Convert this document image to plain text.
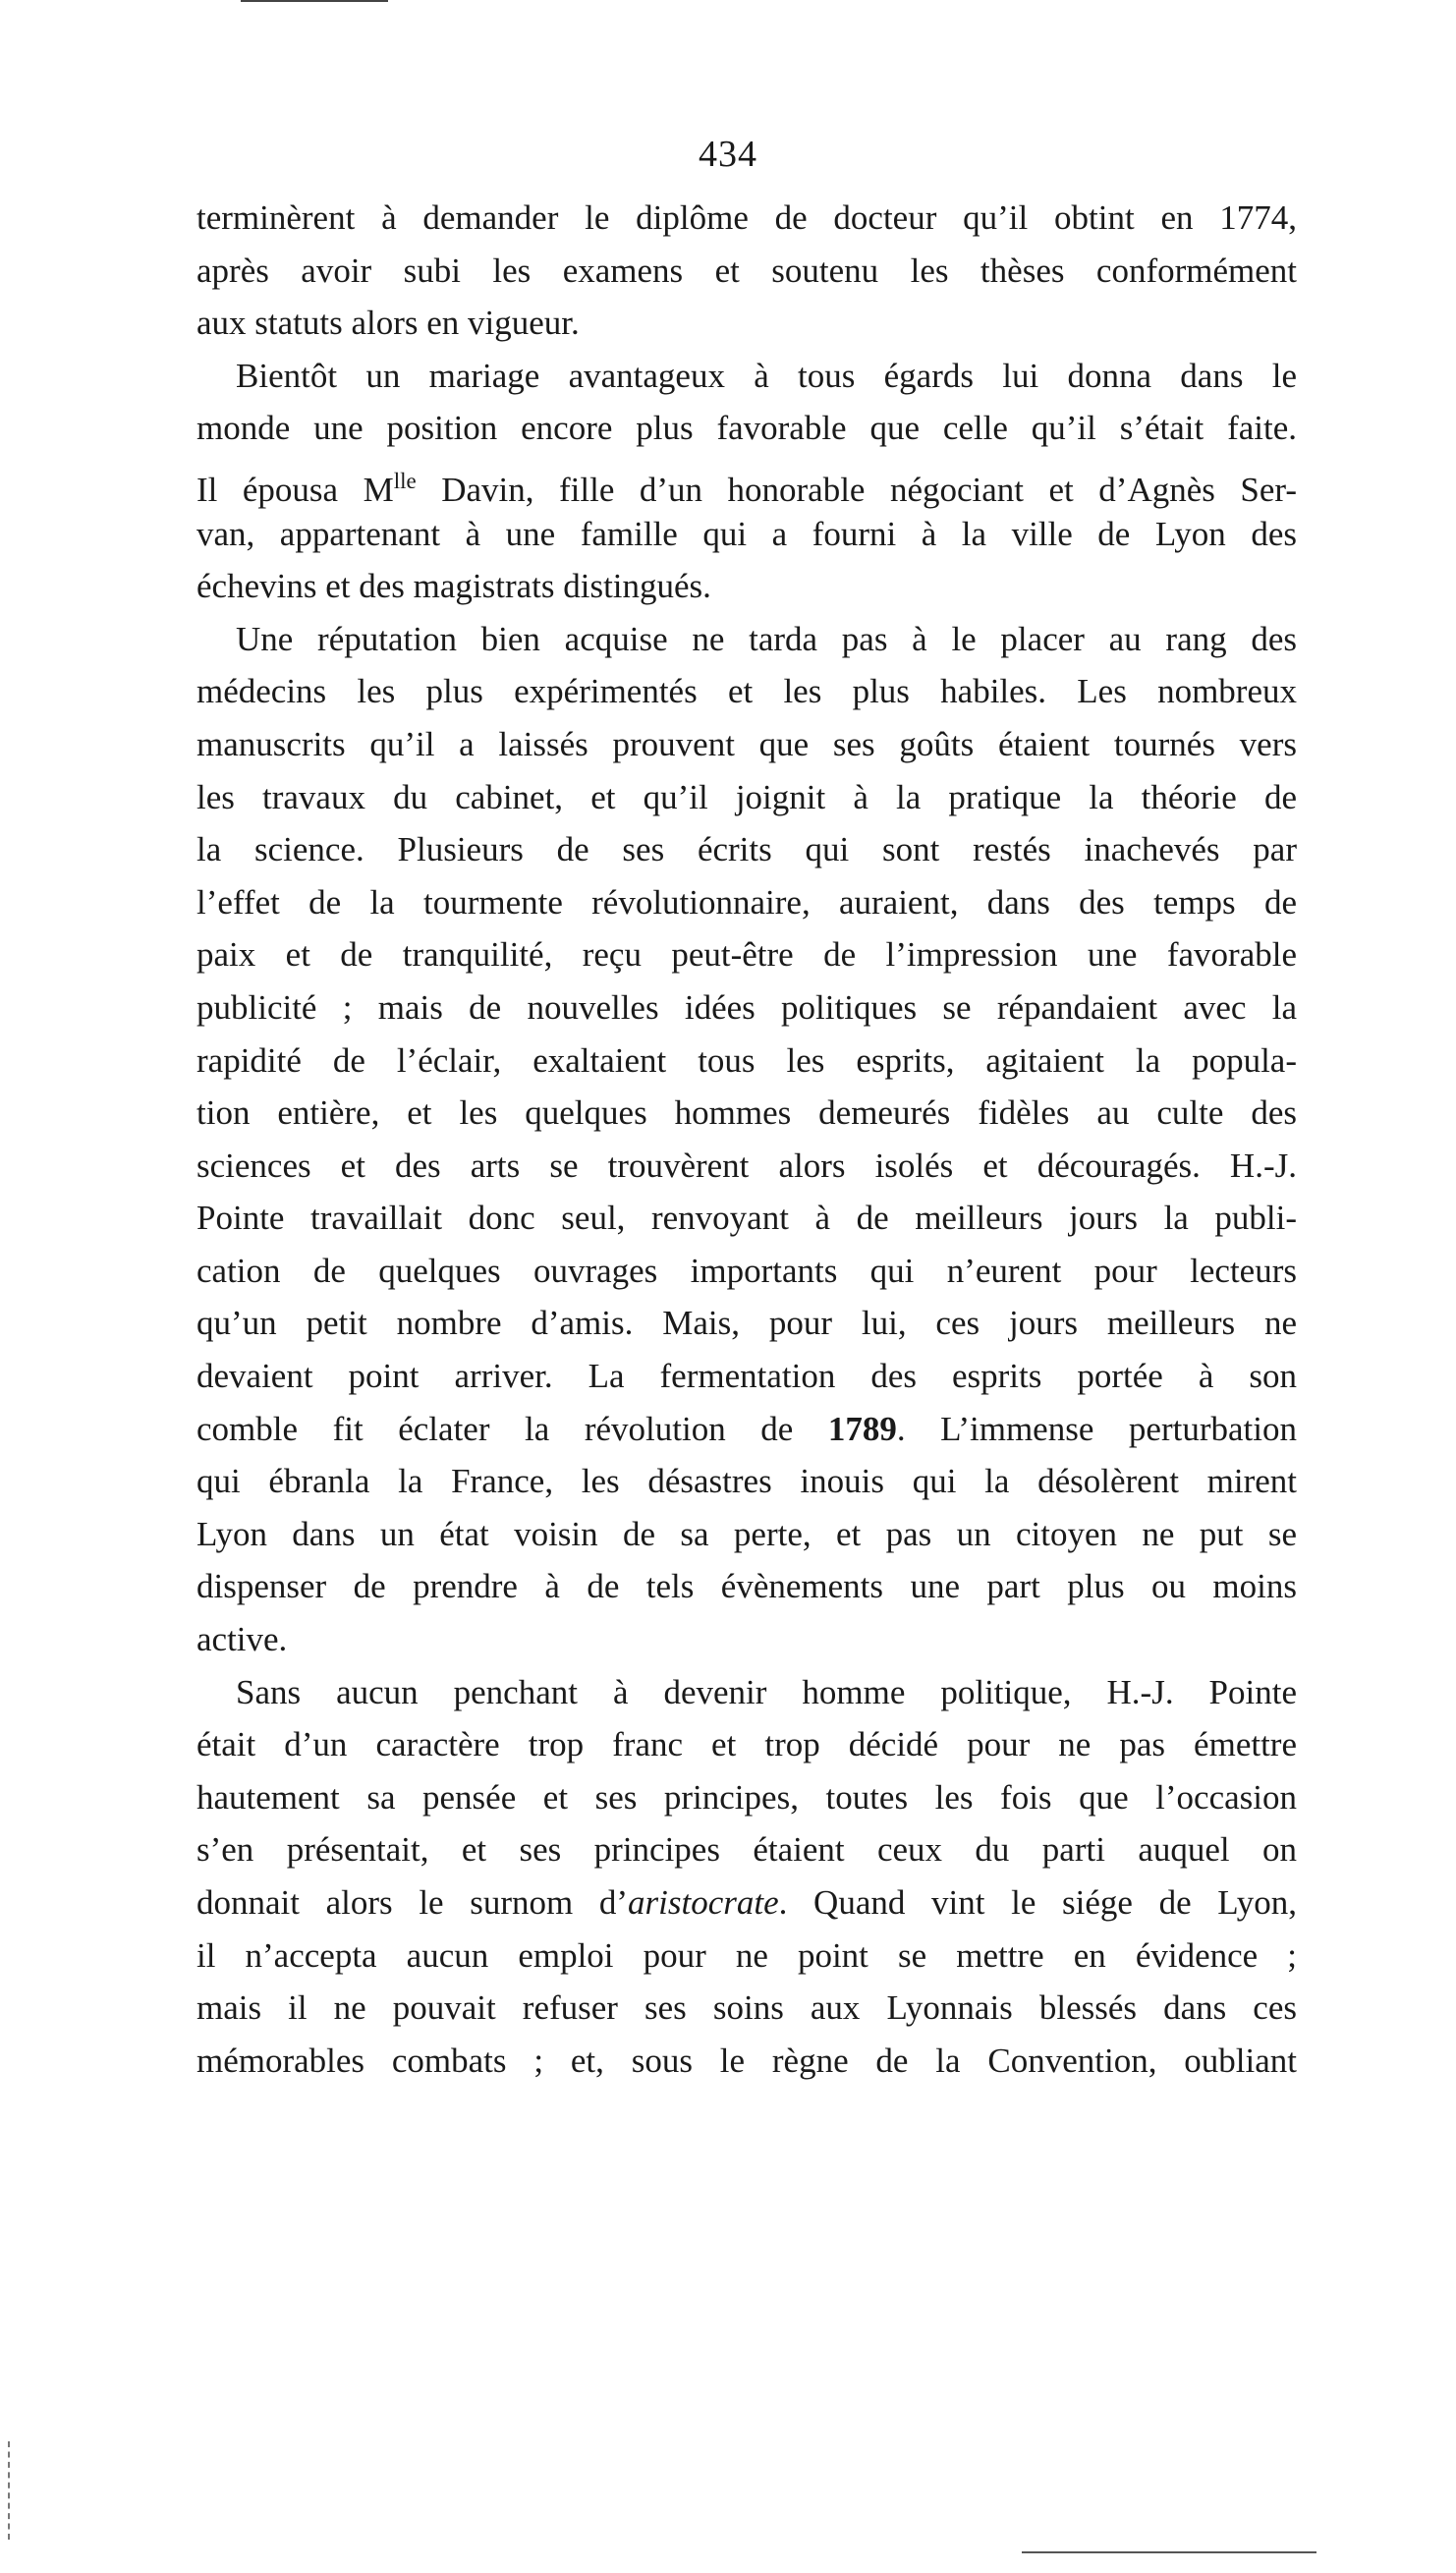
434
terminèrent à demander le diplôme de docteur qu’il obtint en 1774,
après avoir subi les examens et soutenu les thèses conformément
aux statuts alors en vigueur.
Bientôt un mariage avantageux à tous égards lui donna dans le
monde une position encore plus favorable que celle qu’il s’était faite.
Il épousa $M^{lle}$ Davin, fille d’un honorable négociant et d’Agnès Ser-
van, appartenant à une famille qui a fourni à la ville de Lyon des
échevins et des magistrats distingués.
Une réputation bien acquise ne tarda pas à le placer au rang des
médecins les plus expérimentés et les plus habiles. Les nombreux
manuscrits qu’il a laissés prouvent que ses goûts étaient tournés vers
les travaux du cabinet, et qu’il joignit à la pratique la théorie de
la science. Plusieurs de ses écrits qui sont restés inachevés par
l’effet de la tourmente révolutionnaire, auraient, dans des temps de
paix et de tranquilité, reçu peut-être de l’impression une favorable
publicité ; mais de nouvelles idées politiques se répandaient avec la
rapidité de l’éclair, exaltaient tous les esprits, agitaient la popula-
tion entière, et les quelques hommes demeurés fidèles au culte des
sciences et des arts se trouvèrent alors isolés et découragés. H.-J.
Pointe travaillait donc seul, renvoyant à de meilleurs jours la publi-
cation de quelques ouvrages importants qui n’eurent pour lecteurs
qu’un petit nombre d’amis. Mais, pour lui, ces jours meilleurs ne
devaient point arriver. La fermentation des esprits portée à son
comble fit éclater la révolution de 1789. L’immense perturbation
qui ébranla la France, les désastres inouis qui la désolèrent mirent
Lyon dans un état voisin de sa perte, et pas un citoyen ne put se
dispenser de prendre à de tels évènements une part plus ou moins
active.
Sans aucun penchant à devenir homme politique, H.-J. Pointe
était d’un caractère trop franc et trop décidé pour ne pas émettre
hautement sa pensée et ses principes, toutes les fois que l’occasion
s’en présentait, et ses principes étaient ceux du parti auquel on
donnait alors le surnom d’aristocrate. Quand vint le siége de Lyon,
il n’accepta aucun emploi pour ne point se mettre en évidence ;
mais il ne pouvait refuser ses soins aux Lyonnais blessés dans ces
mémorables combats ; et, sous le règne de la Convention, oubliant
